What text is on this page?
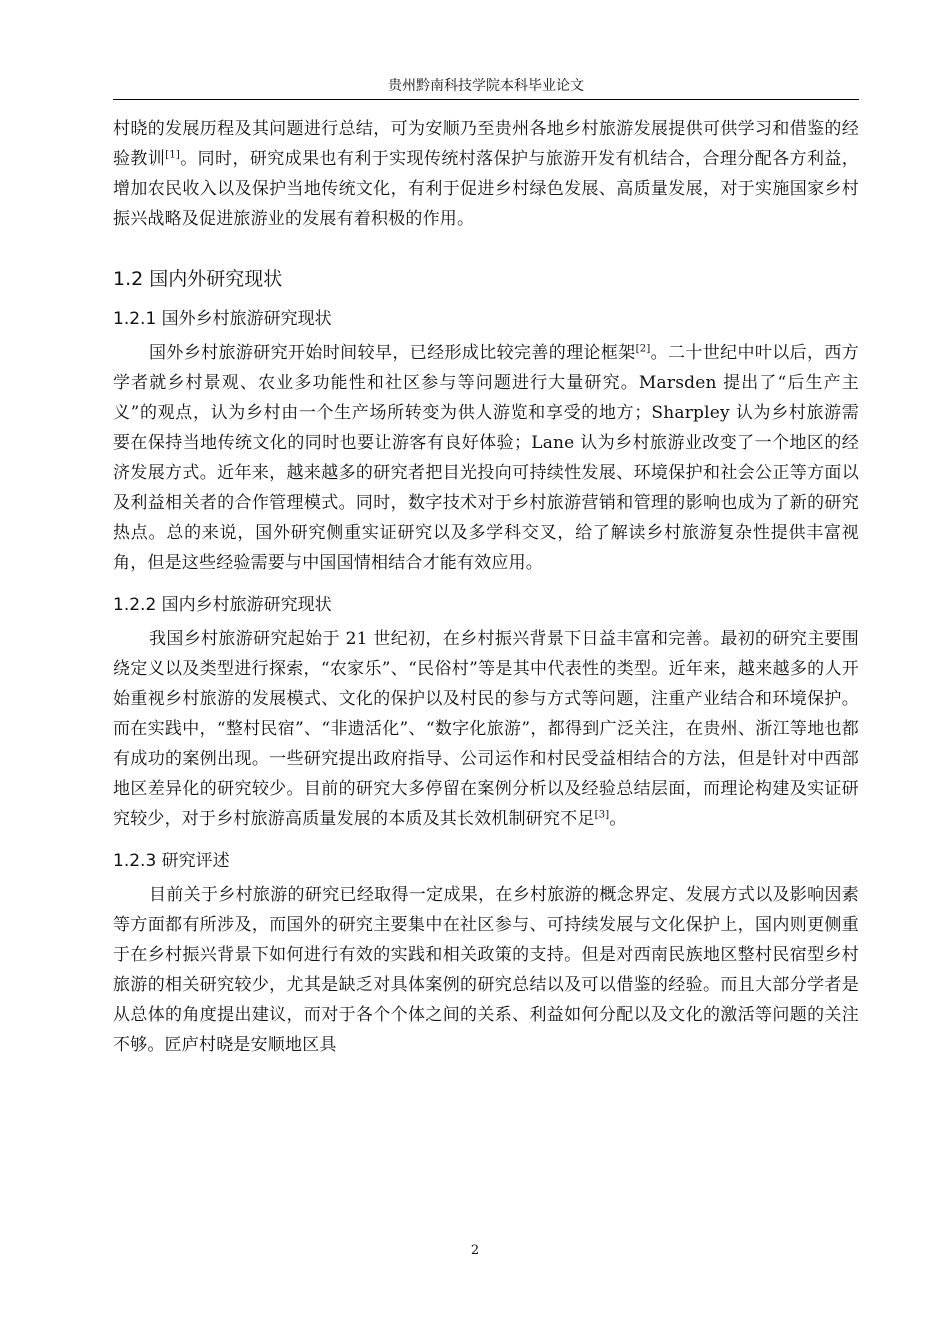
贵州黔南科技学院本科毕业论文

村晓的发展历程及其问题进行总结，可为安顺乃至贵州各地乡村旅游发展提供可供学习和借鉴的经验教训[1]。同时，研究成果也有利于实现传统村落保护与旅游开发有机结合，合理分配各方利益，增加农民收入以及保护当地传统文化，有利于促进乡村绿色发展、高质量发展，对于实施国家乡村振兴战略及促进旅游业的发展有着积极的作用。

1.2 国内外研究现状
1.2.1 国外乡村旅游研究现状

国外乡村旅游研究开始时间较早，已经形成比较完善的理论框架[2]。二十世纪中叶以后，西方学者就乡村景观、农业多功能性和社区参与等问题进行大量研究。Marsden 提出了“后生产主义”的观点，认为乡村由一个生产场所转变为供人游览和享受的地方；Sharpley 认为乡村旅游需要在保持当地传统文化的同时也要让游客有良好体验；Lane 认为乡村旅游业改变了一个地区的经济发展方式。近年来，越来越多的研究者把目光投向可持续性发展、环境保护和社会公正等方面以及利益相关者的合作管理模式。同时，数字技术对于乡村旅游营销和管理的影响也成为了新的研究热点。总的来说，国外研究侧重实证研究以及多学科交叉，给了解读乡村旅游复杂性提供丰富视角，但是这些经验需要与中国国情相结合才能有效应用。

1.2.2 国内乡村旅游研究现状

我国乡村旅游研究起始于 21 世纪初，在乡村振兴背景下日益丰富和完善。最初的研究主要围绕定义以及类型进行探索，“农家乐”、“民俗村”等是其中代表性的类型。近年来，越来越多的人开始重视乡村旅游的发展模式、文化的保护以及村民的参与方式等问题，注重产业结合和环境保护。而在实践中，“整村民宿”、“非遗活化”、“数字化旅游”，都得到广泛关注，在贵州、浙江等地也都有成功的案例出现。一些研究提出政府指导、公司运作和村民受益相结合的方法，但是针对中西部地区差异化的研究较少。目前的研究大多停留在案例分析以及经验总结层面，而理论构建及实证研究较少，对于乡村旅游高质量发展的本质及其长效机制研究不足[3]。

1.2.3 研究评述

目前关于乡村旅游的研究已经取得一定成果，在乡村旅游的概念界定、发展方式以及影响因素等方面都有所涉及，而国外的研究主要集中在社区参与、可持续发展与文化保护上，国内则更侧重于在乡村振兴背景下如何进行有效的实践和相关政策的支持。但是对西南民族地区整村民宿型乡村旅游的相关研究较少，尤其是缺乏对具体案例的研究总结以及可以借鉴的经验。而且大部分学者是从总体的角度提出建议，而对于各个个体之间的关系、利益如何分配以及文化的激活等问题的关注不够。匠庐村晓是安顺地区具

2
